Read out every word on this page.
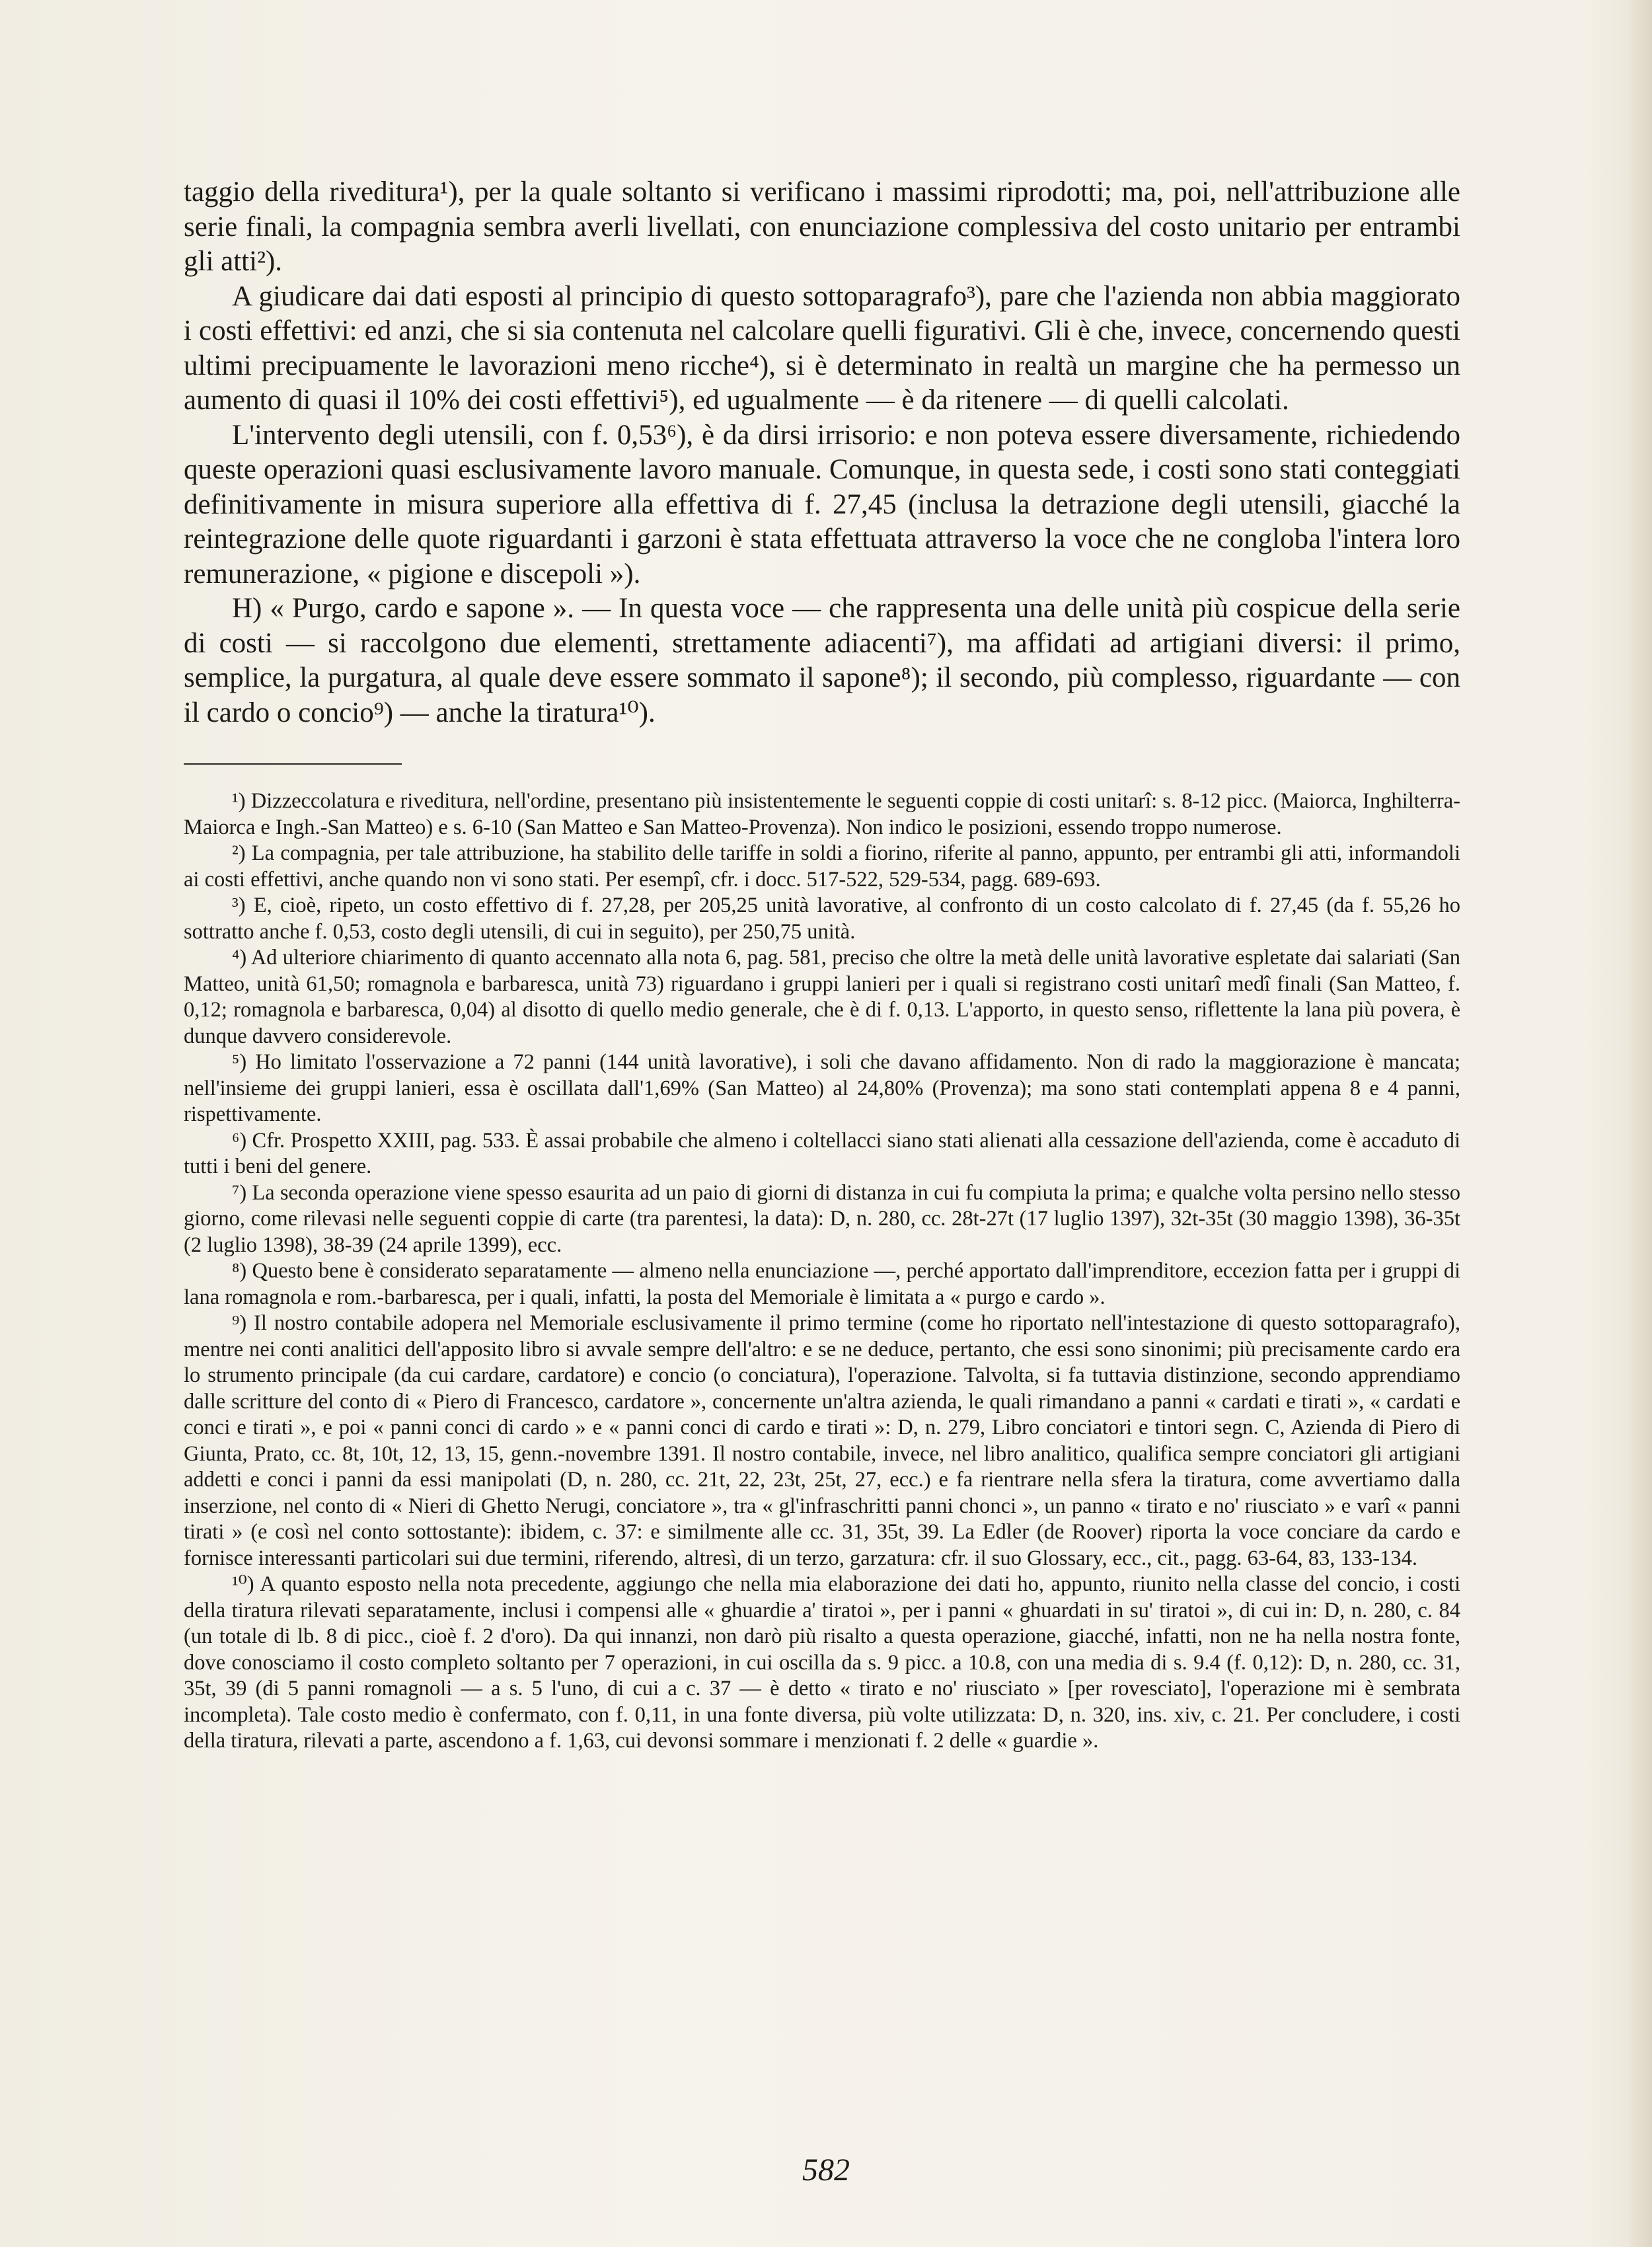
taggio della riveditura¹), per la quale soltanto si verificano i massimi riprodotti; ma, poi, nell'attribuzione alle serie finali, la compagnia sembra averli livellati, con enunciazione complessiva del costo unitario per entrambi gli atti²).

A giudicare dai dati esposti al principio di questo sottoparagrafo³), pare che l'azienda non abbia maggiorato i costi effettivi: ed anzi, che si sia contenuta nel calcolare quelli figurativi. Gli è che, invece, concernendo questi ultimi precipuamente le lavorazioni meno ricche⁴), si è determinato in realtà un margine che ha permesso un aumento di quasi il 10% dei costi effettivi⁵), ed ugualmente — è da ritenere — di quelli calcolati.

L'intervento degli utensili, con f. 0,53⁶), è da dirsi irrisorio: e non poteva essere diversamente, richiedendo queste operazioni quasi esclusivamente lavoro manuale. Comunque, in questa sede, i costi sono stati conteggiati definitivamente in misura superiore alla effettiva di f. 27,45 (inclusa la detrazione degli utensili, giacché la reintegrazione delle quote riguardanti i garzoni è stata effettuata attraverso la voce che ne congloba l'intera loro remunerazione, « pigione e discepoli »).

H) « Purgo, cardo e sapone ». — In questa voce — che rappresenta una delle unità più cospicue della serie di costi — si raccolgono due elementi, strettamente adiacenti⁷), ma affidati ad artigiani diversi: il primo, semplice, la purgatura, al quale deve essere sommato il sapone⁸); il secondo, più complesso, riguardante — con il cardo o concio⁹) — anche la tiratura¹⁰).

¹) Dizzeccolatura e riveditura, nell'ordine, presentano più insistentemente le seguenti coppie di costi unitarî: s. 8-12 picc. (Maiorca, Inghilterra-Maiorca e Ingh.-San Matteo) e s. 6-10 (San Matteo e San Matteo-Provenza). Non indico le posizioni, essendo troppo numerose.

²) La compagnia, per tale attribuzione, ha stabilito delle tariffe in soldi a fiorino, riferite al panno, appunto, per entrambi gli atti, informandoli ai costi effettivi, anche quando non vi sono stati. Per esempî, cfr. i docc. 517-522, 529-534, pagg. 689-693.

³) E, cioè, ripeto, un costo effettivo di f. 27,28, per 205,25 unità lavorative, al confronto di un costo calcolato di f. 27,45 (da f. 55,26 ho sottratto anche f. 0,53, costo degli utensili, di cui in seguito), per 250,75 unità.

⁴) Ad ulteriore chiarimento di quanto accennato alla nota 6, pag. 581, preciso che oltre la metà delle unità lavorative espletate dai salariati (San Matteo, unità 61,50; romagnola e barbaresca, unità 73) riguardano i gruppi lanieri per i quali si registrano costi unitarî medî finali (San Matteo, f. 0,12; romagnola e barbaresca, 0,04) al disotto di quello medio generale, che è di f. 0,13. L'apporto, in questo senso, riflettente la lana più povera, è dunque davvero considerevole.

⁵) Ho limitato l'osservazione a 72 panni (144 unità lavorative), i soli che davano affidamento. Non di rado la maggiorazione è mancata; nell'insieme dei gruppi lanieri, essa è oscillata dall'1,69% (San Matteo) al 24,80% (Provenza); ma sono stati contemplati appena 8 e 4 panni, rispettivamente.

⁶) Cfr. Prospetto XXIII, pag. 533. È assai probabile che almeno i coltellacci siano stati alienati alla cessazione dell'azienda, come è accaduto di tutti i beni del genere.

⁷) La seconda operazione viene spesso esaurita ad un paio di giorni di distanza in cui fu compiuta la prima; e qualche volta persino nello stesso giorno, come rilevasi nelle seguenti coppie di carte (tra parentesi, la data): D, n. 280, cc. 28t-27t (17 luglio 1397), 32t-35t (30 maggio 1398), 36-35t (2 luglio 1398), 38-39 (24 aprile 1399), ecc.

⁸) Questo bene è considerato separatamente — almeno nella enunciazione —, perché apportato dall'imprenditore, eccezion fatta per i gruppi di lana romagnola e rom.-barbaresca, per i quali, infatti, la posta del Memoriale è limitata a « purgo e cardo ».

⁹) Il nostro contabile adopera nel Memoriale esclusivamente il primo termine (come ho riportato nell'intestazione di questo sottoparagrafo), mentre nei conti analitici dell'apposito libro si avvale sempre dell'altro: e se ne deduce, pertanto, che essi sono sinonimi; più precisamente cardo era lo strumento principale (da cui cardare, cardatore) e concio (o conciatura), l'operazione. Talvolta, si fa tuttavia distinzione, secondo apprendiamo dalle scritture del conto di « Piero di Francesco, cardatore », concernente un'altra azienda, le quali rimandano a panni « cardati e tirati », « cardati e conci e tirati », e poi « panni conci di cardo » e « panni conci di cardo e tirati »: D, n. 279, Libro conciatori e tintori segn. C, Azienda di Piero di Giunta, Prato, cc. 8t, 10t, 12, 13, 15, genn.-novembre 1391. Il nostro contabile, invece, nel libro analitico, qualifica sempre conciatori gli artigiani addetti e conci i panni da essi manipolati (D, n. 280, cc. 21t, 22, 23t, 25t, 27, ecc.) e fa rientrare nella sfera la tiratura, come avvertiamo dalla inserzione, nel conto di « Nieri di Ghetto Nerugi, conciatore », tra « gl'infraschritti panni chonci », un panno « tirato e no' riusciato » e varî « panni tirati » (e così nel conto sottostante): ibidem, c. 37: e similmente alle cc. 31, 35t, 39. La Edler (de Roover) riporta la voce conciare da cardo e fornisce interessanti particolari sui due termini, riferendo, altresì, di un terzo, garzatura: cfr. il suo Glossary, ecc., cit., pagg. 63-64, 83, 133-134.

¹⁰) A quanto esposto nella nota precedente, aggiungo che nella mia elaborazione dei dati ho, appunto, riunito nella classe del concio, i costi della tiratura rilevati separatamente, inclusi i compensi alle « ghuardie a' tiratoi », per i panni « ghuardati in su' tiratoi », di cui in: D, n. 280, c. 84 (un totale di lb. 8 di picc., cioè f. 2 d'oro). Da qui innanzi, non darò più risalto a questa operazione, giacché, infatti, non ne ha nella nostra fonte, dove conosciamo il costo completo soltanto per 7 operazioni, in cui oscilla da s. 9 picc. a 10.8, con una media di s. 9.4 (f. 0,12): D, n. 280, cc. 31, 35t, 39 (di 5 panni romagnoli — a s. 5 l'uno, di cui a c. 37 — è detto « tirato e no' riusciato » [per rovesciato], l'operazione mi è sembrata incompleta). Tale costo medio è confermato, con f. 0,11, in una fonte diversa, più volte utilizzata: D, n. 320, ins. xiv, c. 21. Per concludere, i costi della tiratura, rilevati a parte, ascendono a f. 1,63, cui devonsi sommare i menzionati f. 2 delle « guardie ».

582
